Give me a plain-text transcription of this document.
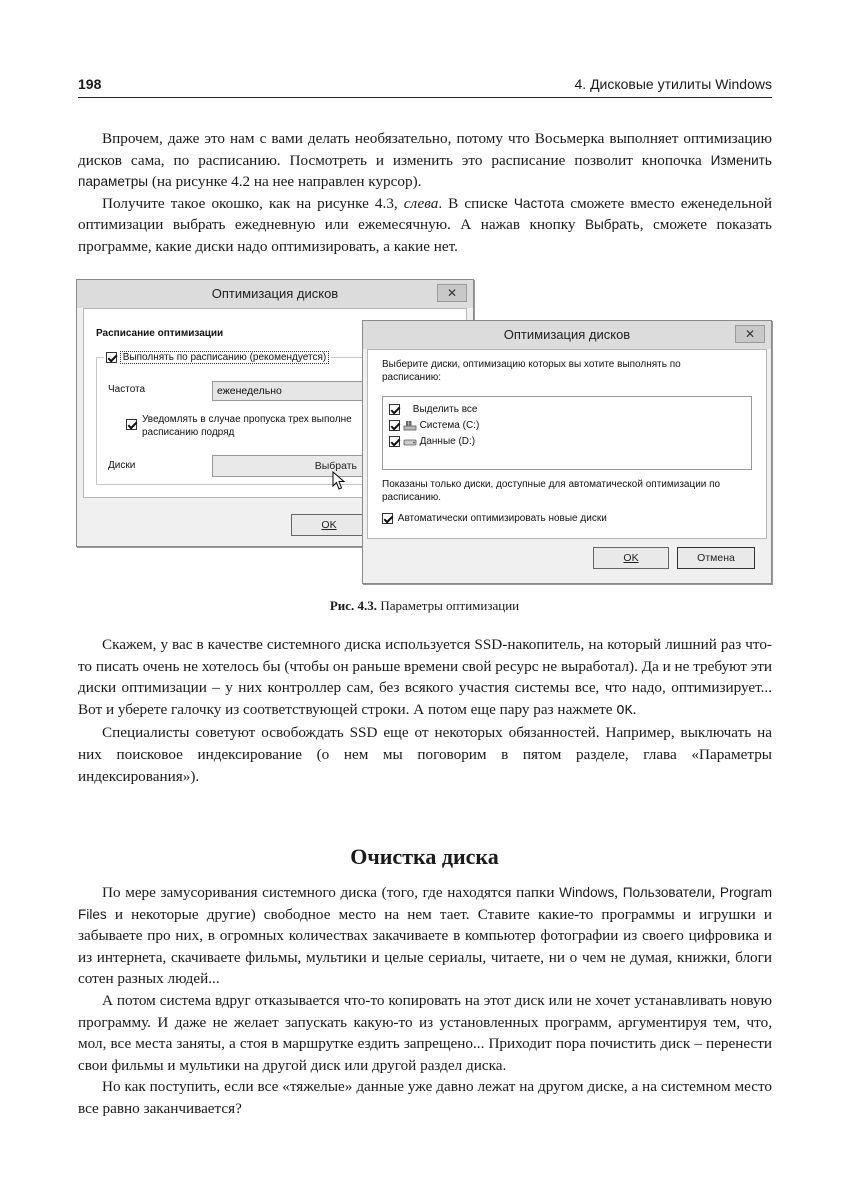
198	4. Дисковые утилиты Windows

Впрочем, даже это нам с вами делать необязательно, потому что Восьмерка выполняет оптимизацию дисков сама, по расписанию. Посмотреть и изменить это расписание позволит кнопочка Изменить параметры (на рисунке 4.2 на нее направлен курсор).

Получите такое окошко, как на рисунке 4.3, слева. В списке Частота сможете вместо еженедельной оптимизации выбрать ежедневную или ежемесячную. А нажав кнопку Выбрать, сможете показать программе, какие диски надо оптимизировать, а какие нет.

Оптимизация дисков	✕
Расписание оптимизации
Выполнять по расписанию (рекомендуется)
Частота	еженедельно
Уведомлять в случае пропуска трех выполне
расписанию подряд
Диски	Выбрать
OK
Оптимизация дисков	✕
Выберите диски, оптимизацию которых вы хотите выполнять по
расписанию:
Выделить все
Система (C:)
Данные (D:)
Показаны только диски, доступные для автоматической оптимизации по
расписанию.
Автоматически оптимизировать новые диски
OK	Отмена
Рис. 4.3. Параметры оптимизации

Скажем, у вас в качестве системного диска используется SSD-накопитель, на который лишний раз что-то писать очень не хотелось бы (чтобы он раньше времени свой ресурс не выработал). Да и не требуют эти диски оптимизации – у них контроллер сам, без всякого участия системы все, что надо, оптимизирует... Вот и уберете галочку из соответствующей строки. А потом еще пару раз нажмете OK.

Специалисты советуют освобождать SSD еще от некоторых обязанностей. Например, выключать на них поисковое индексирование (о нем мы поговорим в пятом разделе, глава «Параметры индексирования»).

Очистка диска

По мере замусоривания системного диска (того, где находятся папки Windows, Пользователи, Program Files и некоторые другие) свободное место на нем тает. Ставите какие-то программы и игрушки и забываете про них, в огромных количествах закачиваете в компьютер фотографии из своего цифровика и из интернета, скачиваете фильмы, мультики и целые сериалы, читаете, ни о чем не думая, книжки, блоги сотен разных людей...

А потом система вдруг отказывается что-то копировать на этот диск или не хочет устанавливать новую программу. И даже не желает запускать какую-то из установленных программ, аргументируя тем, что, мол, все места заняты, а стоя в маршрутке ездить запрещено... Приходит пора почистить диск – перенести свои фильмы и мультики на другой диск или другой раздел диска.

Но как поступить, если все «тяжелые» данные уже давно лежат на другом диске, а на системном место все равно заканчивается?
